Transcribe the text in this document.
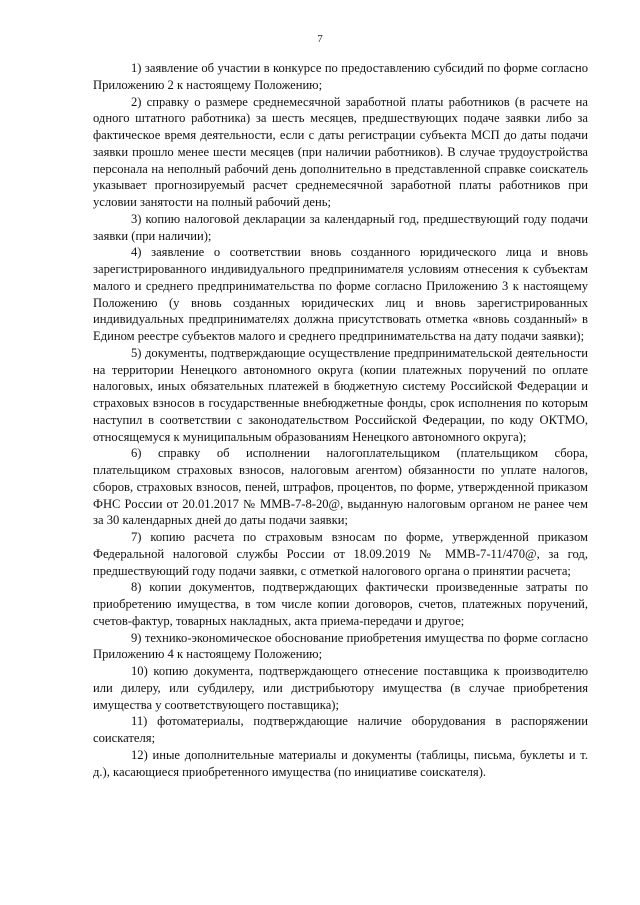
7

1) заявление об участии в конкурсе по предоставлению субсидий по форме согласно Приложению 2 к настоящему Положению;

2) справку о размере среднемесячной заработной платы работников (в расчете на одного штатного работника) за шесть месяцев, предшествующих подаче заявки либо за фактическое время деятельности, если с даты регистрации субъекта МСП до даты подачи заявки прошло менее шести месяцев (при наличии работников). В случае трудоустройства персонала на неполный рабочий день дополнительно в представленной справке соискатель указывает прогнозируемый расчет среднемесячной заработной платы работников при условии занятости на полный рабочий день;

3) копию налоговой декларации за календарный год, предшествующий году подачи заявки (при наличии);

4) заявление о соответствии вновь созданного юридического лица и вновь зарегистрированного индивидуального предпринимателя условиям отнесения к субъектам малого и среднего предпринимательства по форме согласно Приложению 3 к настоящему Положению (у вновь созданных юридических лиц и вновь зарегистрированных индивидуальных предпринимателях должна присутствовать отметка «вновь созданный» в Едином реестре субъектов малого и среднего предпринимательства на дату подачи заявки);

5) документы, подтверждающие осуществление предпринимательской деятельности на территории Ненецкого автономного округа (копии платежных поручений по оплате налоговых, иных обязательных платежей в бюджетную систему Российской Федерации и страховых взносов в государственные внебюджетные фонды, срок исполнения по которым наступил в соответствии с законодательством Российской Федерации, по коду ОКТМО, относящемуся к муниципальным образованиям Ненецкого автономного округа);

6) справку об исполнении налогоплательщиком (плательщиком сбора, плательщиком страховых взносов, налоговым агентом) обязанности по уплате налогов, сборов, страховых взносов, пеней, штрафов, процентов, по форме, утвержденной приказом ФНС России от 20.01.2017 № ММВ-7-8-20@, выданную налоговым органом не ранее чем за 30 календарных дней до даты подачи заявки;

7) копию расчета по страховым взносам по форме, утвержденной приказом Федеральной налоговой службы России от 18.09.2019 № ММВ-7-11/470@, за год, предшествующий году подачи заявки, с отметкой налогового органа о принятии расчета;

8) копии документов, подтверждающих фактически произведенные затраты по приобретению имущества, в том числе копии договоров, счетов, платежных поручений, счетов-фактур, товарных накладных, акта приема-передачи и другое;

9) технико-экономическое обоснование приобретения имущества по форме согласно Приложению 4 к настоящему Положению;

10) копию документа, подтверждающего отнесение поставщика к производителю или дилеру, или субдилеру, или дистрибьютору имущества (в случае приобретения имущества у соответствующего поставщика);

11) фотоматериалы, подтверждающие наличие оборудования в распоряжении соискателя;

12) иные дополнительные материалы и документы (таблицы, письма, буклеты и т. д.), касающиеся приобретенного имущества (по инициативе соискателя).
